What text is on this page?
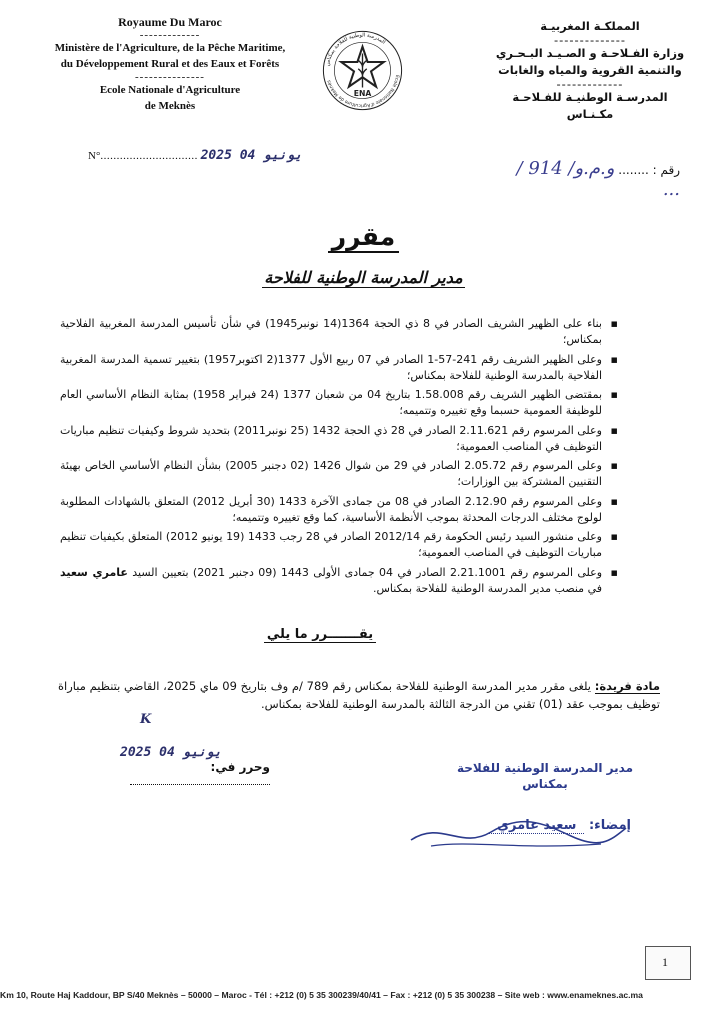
Royaume Du Maroc
-------------
Ministère de l'Agriculture, de la Pêche Maritime,
du Développement Rural et des Eaux et Forêts
---------------
Ecole Nationale d'Agriculture
de Meknès
المدرسة الوطنية للفلاحة بمكناس
Ecole Nationale d'Agriculture de Meknès
ENA
المملكـة المغربيـة
--------------
وزارة الفـلاحـة و الصـيـد البـحـري
والتنمية القروية والمياه والغابات
-------------
المدرسـة الوطنيـة للفـلاحـة
مكـنـاس
N°.............................. 2025 يونيو 04
رقم : ........ و.م.و/ 914 / ...
مقرر
مدير المدرسة الوطنية للفلاحة
▪ بناء على الظهير الشريف الصادر في 8 ذي الحجة 1364(14 نونبر1945) في شأن تأسيس المدرسة المغربية الفلاحية بمكناس؛
▪ وعلى الظهير الشريف رقم 241-57-1 الصادر في 07 ربيع الأول 1377(2 اكتوبر1957) بتغيير تسمية المدرسة المغربية الفلاحية بالمدرسة الوطنية للفلاحة بمكناس؛
▪ بمقتضى الظهير الشريف رقم 1.58.008 بتاريخ 04 من شعبان 1377 (24 فبراير 1958) بمثابة النظام الأساسي العام للوظيفة العمومية حسبما وقع تغييره وتتميمه؛
▪ وعلى المرسوم رقم 2.11.621 الصادر في 28 ذي الحجة 1432 (25 نونبر2011) بتحديد شروط وكيفيات تنظيم مباريات التوظيف في المناصب العمومية؛
▪ وعلى المرسوم رقم 2.05.72 الصادر في 29 من شوال 1426 (02 دجنبر 2005) بشأن النظام الأساسي الخاص بهيئة التقنيين المشتركة بين الوزارات؛
▪ وعلى المرسوم رقم 2.12.90 الصادر في 08 من جمادى الآخرة 1433 (30 أبريل 2012) المتعلق بالشهادات المطلوبة لولوج مختلف الدرجات المحدثة بموجب الأنظمة الأساسية، كما وقع تغييره وتتميمه؛
▪ وعلى منشور السيد رئيس الحكومة رقم 2012/14 الصادر في 28 رجب 1433 (19 يونيو 2012) المتعلق بكيفيات تنظيم مباريات التوظيف في المناصب العمومية؛
▪ وعلى المرسوم رقم 2.21.1001 الصادر في 04 جمادى الأولى 1443 (09 دجنبر 2021) بتعيين السيد عامري سعيد في منصب مدير المدرسة الوطنية للفلاحة بمكناس.
يقـــــــرر ما يلي
مادة فريدة: يلغى مقرر مدير المدرسة الوطنية للفلاحة بمكناس رقم 789 /م وف بتاريخ 09 ماي 2025، القاضي بتنظيم مباراة توظيف بموجب عقد (01) تقني من الدرجة الثالثة بالمدرسة الوطنية للفلاحة بمكناس.
K
2025 يونيو 04
وحرر في:	مدير المدرسة الوطنية للفلاحة
بمكناس
إمضاء: سعيد عامري
1
Km 10, Route Haj Kaddour, BP S/40 Meknès – 50000 – Maroc - Tél : +212 (0) 5 35 300239/40/41 – Fax : +212 (0) 5 35 300238 – Site web : www.enameknes.ac.ma
